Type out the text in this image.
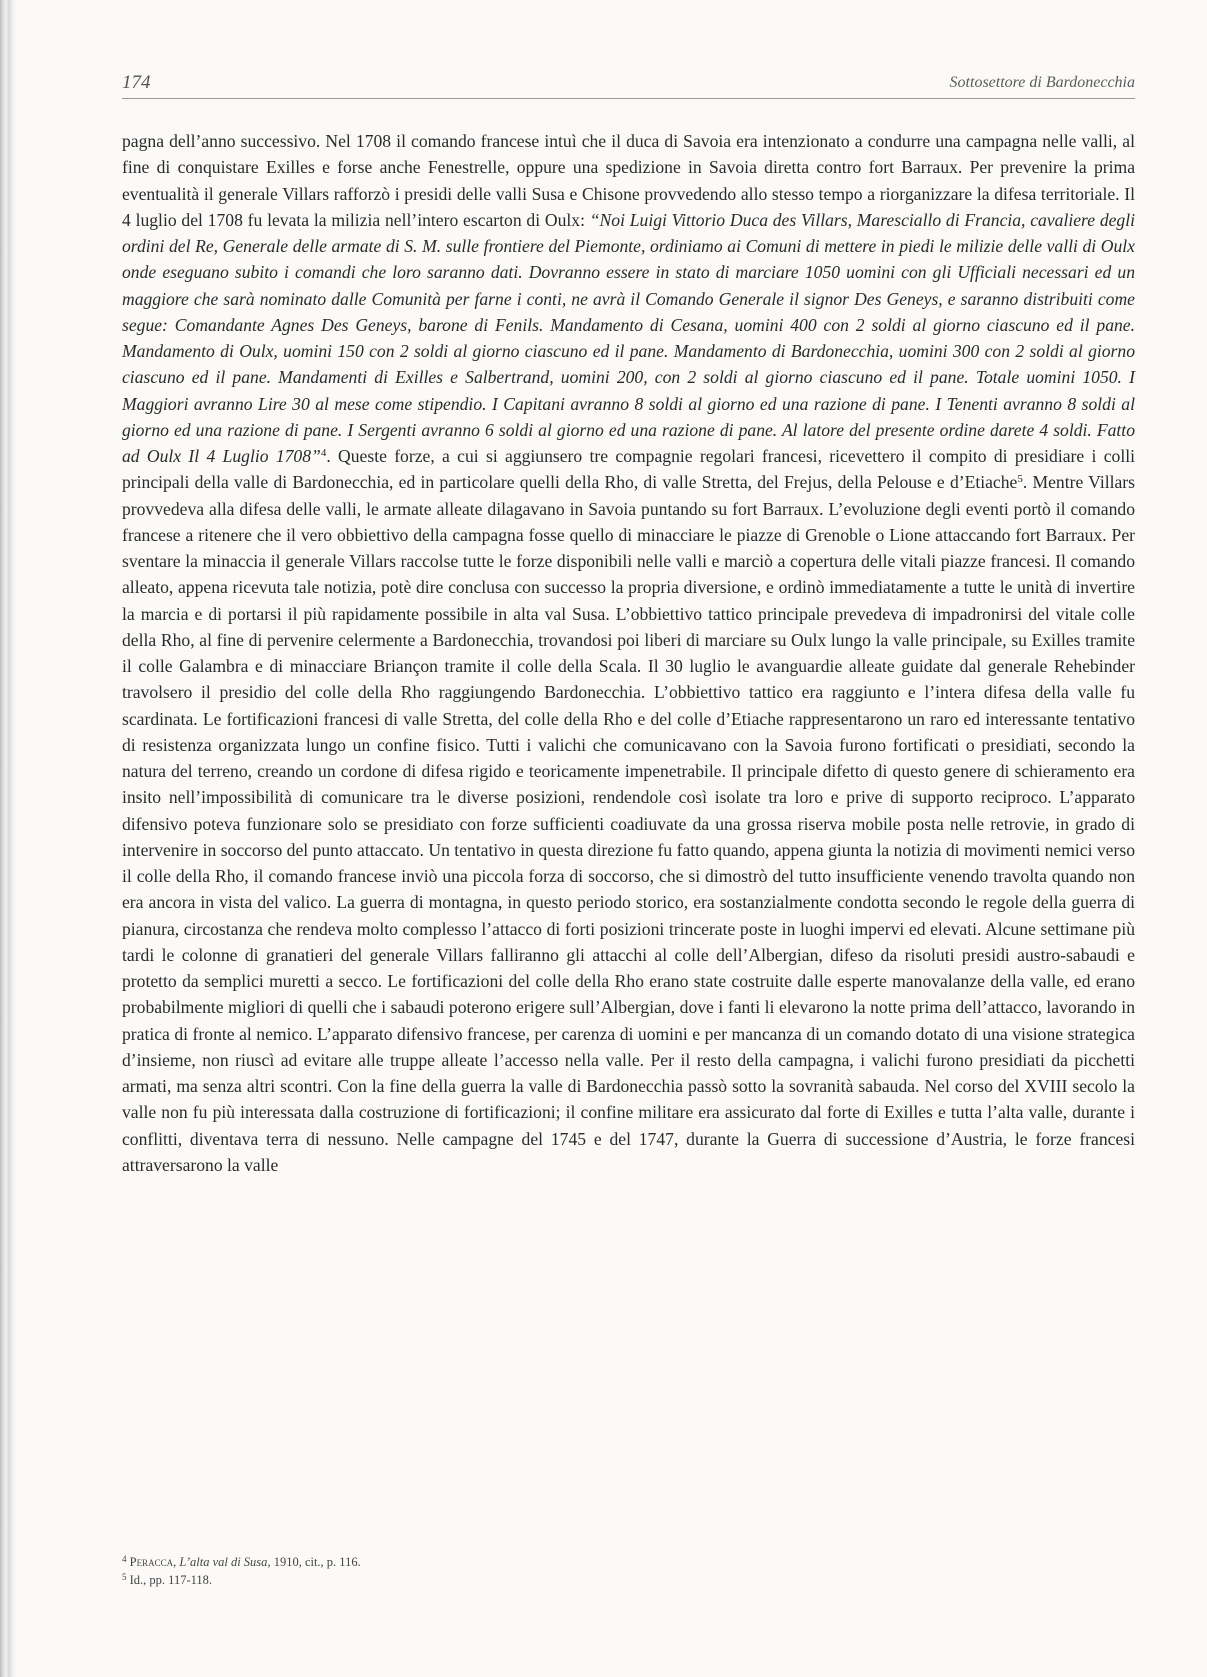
174	Sottosettore di Bardonecchia

pagna dell’anno successivo. Nel 1708 il comando francese intuì che il duca di Savoia era intenzionato a condurre una campagna nelle valli, al fine di conquistare Exilles e forse anche Fenestrelle, oppure una spedizione in Savoia diretta contro fort Barraux. Per prevenire la prima eventualità il generale Villars rafforzò i presidi delle valli Susa e Chisone provvedendo allo stesso tempo a riorganizzare la difesa territoriale. Il 4 luglio del 1708 fu levata la milizia nell’intero escarton di Oulx: “Noi Luigi Vittorio Duca des Villars, Maresciallo di Francia, cavaliere degli ordini del Re, Generale delle armate di S. M. sulle frontiere del Piemonte, ordiniamo ai Comuni di mettere in piedi le milizie delle valli di Oulx onde eseguano subito i comandi che loro saranno dati. Dovranno essere in stato di marciare 1050 uomini con gli Ufficiali necessari ed un maggiore che sarà nominato dalle Comunità per farne i conti, ne avrà il Comando Generale il signor Des Geneys, e saranno distribuiti come segue: Comandante Agnes Des Geneys, barone di Fenils. Mandamento di Cesana, uomini 400 con 2 soldi al giorno ciascuno ed il pane. Mandamento di Oulx, uomini 150 con 2 soldi al giorno ciascuno ed il pane. Mandamento di Bardonecchia, uomini 300 con 2 soldi al giorno ciascuno ed il pane. Mandamenti di Exilles e Salbertrand, uomini 200, con 2 soldi al giorno ciascuno ed il pane. Totale uomini 1050. I Maggiori avranno Lire 30 al mese come stipendio. I Capitani avranno 8 soldi al giorno ed una razione di pane. I Tenenti avranno 8 soldi al giorno ed una razione di pane. I Sergenti avranno 6 soldi al giorno ed una razione di pane. Al latore del presente ordine darete 4 soldi. Fatto ad Oulx Il 4 Luglio 1708”$^4$. Queste forze, a cui si aggiunsero tre compagnie regolari francesi, ricevettero il compito di presidiare i colli principali della valle di Bardonecchia, ed in particolare quelli della Rho, di valle Stretta, del Frejus, della Pelouse e d’Etiache$^5$. Mentre Villars provvedeva alla difesa delle valli, le armate alleate dilagavano in Savoia puntando su fort Barraux. L’evoluzione degli eventi portò il comando francese a ritenere che il vero obbiettivo della campagna fosse quello di minacciare le piazze di Grenoble o Lione attaccando fort Barraux. Per sventare la minaccia il generale Villars raccolse tutte le forze disponibili nelle valli e marciò a copertura delle vitali piazze francesi. Il comando alleato, appena ricevuta tale notizia, potè dire conclusa con successo la propria diversione, e ordinò immediatamente a tutte le unità di invertire la marcia e di portarsi il più rapidamente possibile in alta val Susa. L’obbiettivo tattico principale prevedeva di impadronirsi del vitale colle della Rho, al fine di pervenire celermente a Bardonecchia, trovandosi poi liberi di marciare su Oulx lungo la valle principale, su Exilles tramite il colle Galambra e di minacciare Briançon tramite il colle della Scala. Il 30 luglio le avanguardie alleate guidate dal generale Rehebinder travolsero il presidio del colle della Rho raggiungendo Bardonecchia. L’obbiettivo tattico era raggiunto e l’intera difesa della valle fu scardinata. Le fortificazioni francesi di valle Stretta, del colle della Rho e del colle d’Etiache rappresentarono un raro ed interessante tentativo di resistenza organizzata lungo un confine fisico. Tutti i valichi che comunicavano con la Savoia furono fortificati o presidiati, secondo la natura del terreno, creando un cordone di difesa rigido e teoricamente impenetrabile. Il principale difetto di questo genere di schieramento era insito nell’impossibilità di comunicare tra le diverse posizioni, rendendole così isolate tra loro e prive di supporto reciproco. L’apparato difensivo poteva funzionare solo se presidiato con forze sufficienti coadiuvate da una grossa riserva mobile posta nelle retrovie, in grado di intervenire in soccorso del punto attaccato. Un tentativo in questa direzione fu fatto quando, appena giunta la notizia di movimenti nemici verso il colle della Rho, il comando francese inviò una piccola forza di soccorso, che si dimostrò del tutto insufficiente venendo travolta quando non era ancora in vista del valico. La guerra di montagna, in questo periodo storico, era sostanzialmente condotta secondo le regole della guerra di pianura, circostanza che rendeva molto complesso l’attacco di forti posizioni trincerate poste in luoghi impervi ed elevati. Alcune settimane più tardi le colonne di granatieri del generale Villars falliranno gli attacchi al colle dell’Albergian, difeso da risoluti presidi austro-sabaudi e protetto da semplici muretti a secco. Le fortificazioni del colle della Rho erano state costruite dalle esperte manovalanze della valle, ed erano probabilmente migliori di quelli che i sabaudi poterono erigere sull’Albergian, dove i fanti li elevarono la notte prima dell’attacco, lavorando in pratica di fronte al nemico. L’apparato difensivo francese, per carenza di uomini e per mancanza di un comando dotato di una visione strategica d’insieme, non riuscì ad evitare alle truppe alleate l’accesso nella valle. Per il resto della campagna, i valichi furono presidiati da picchetti armati, ma senza altri scontri. Con la fine della guerra la valle di Bardonecchia passò sotto la sovranità sabauda. Nel corso del XVIII secolo la valle non fu più interessata dalla costruzione di fortificazioni; il confine militare era assicurato dal forte di Exilles e tutta l’alta valle, durante i conflitti, diventava terra di nessuno. Nelle campagne del 1745 e del 1747, durante la Guerra di successione d’Austria, le forze francesi attraversarono la valle

$^4$ Peracca, L’alta val di Susa, 1910, cit., p. 116.
$^5$ Id., pp. 117-118.
